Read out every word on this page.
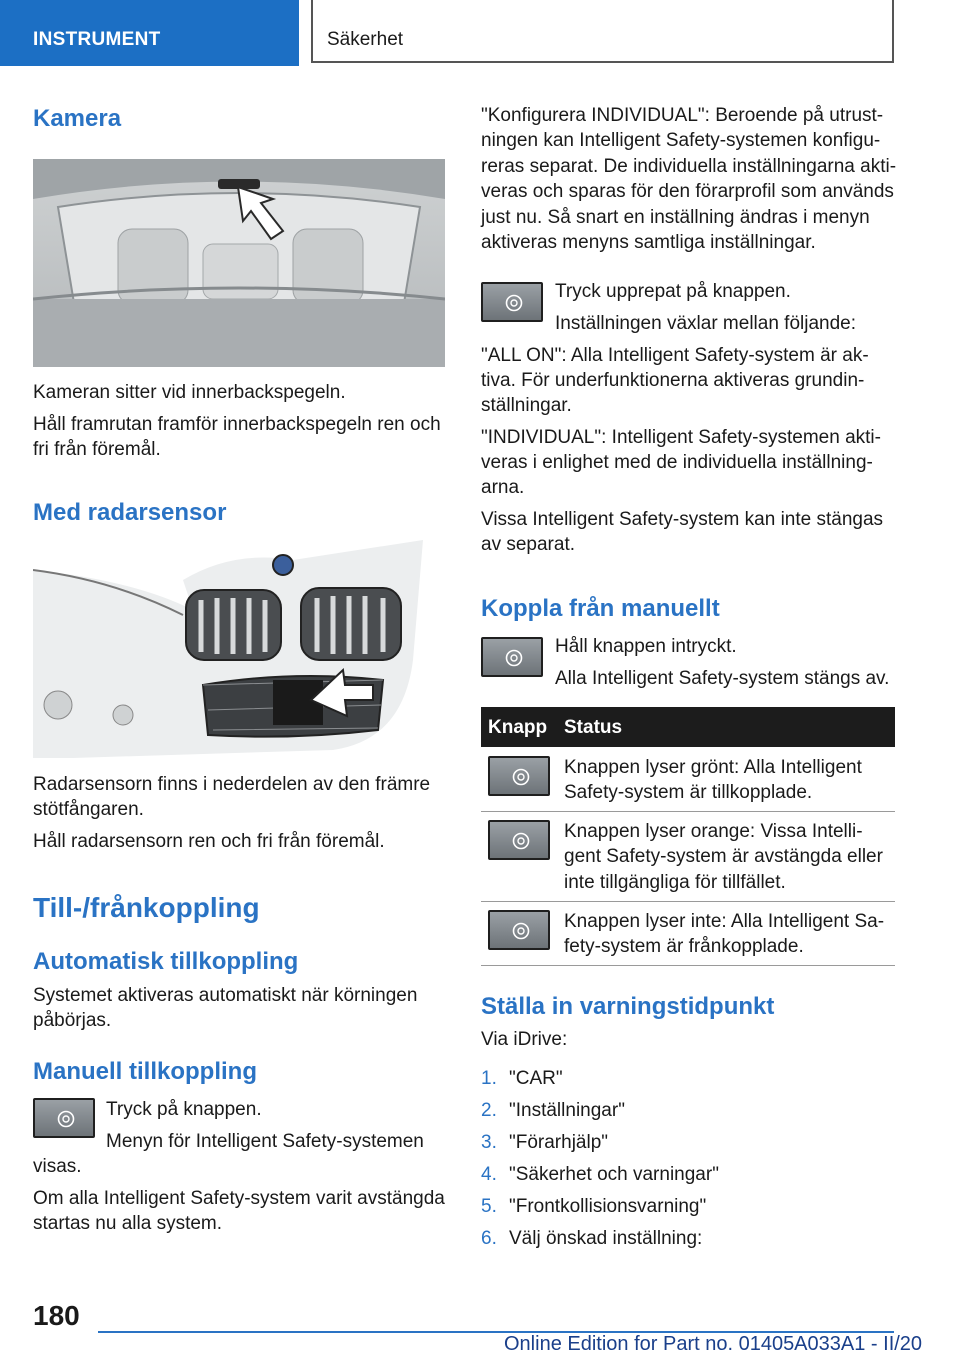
INSTRUMENT	Säkerhet
Kamera

Kameran sitter vid innerbackspegeln.

Håll framrutan framför innerbackspegeln ren och

fri från föremål.

Med radarsensor

Radarsensorn finns i nederdelen av den främre

stötfångaren.

Håll radarsensorn ren och fri från föremål.

Till-/frånkoppling
Automatisk tillkoppling

Systemet aktiveras automatiskt när körningen

påbörjas.

Manuell tillkoppling

Tryck på knappen.

Menyn för Intelligent Safety-systemen

visas.

Om alla Intelligent Safety-system varit avstängda

startas nu alla system.

"Konfigurera INDIVIDUAL": Beroende på utrust-

ningen kan Intelligent Safety-systemen konfigu-

reras separat. De individuella inställningarna akti-

veras och sparas för den förarprofil som används

just nu. Så snart en inställning ändras i menyn

aktiveras menyns samtliga inställningar.

Tryck upprepat på knappen.

Inställningen växlar mellan följande:

"ALL ON": Alla Intelligent Safety-system är ak-

tiva. För underfunktionerna aktiveras grundin-

ställningar.

"INDIVIDUAL": Intelligent Safety-systemen akti-

veras i enlighet med de individuella inställning-

arna.

Vissa Intelligent Safety-system kan inte stängas

av separat.

Koppla från manuellt

Håll knappen intryckt.

Alla Intelligent Safety-system stängs av.

Knapp Status

Knappen lyser grönt: Alla Intelligent

Safety-system är tillkopplade.

Knappen lyser orange: Vissa Intelli-

gent Safety-system är avstängda eller

inte tillgängliga för tillfället.

Knappen lyser inte: Alla Intelligent Sa-

fety-system är frånkopplade.

Ställa in varningstidpunkt

Via iDrive:

1. "CAR"
2. "Inställningar"
3. "Förarhjälp"
4. "Säkerhet och varningar"
5. "Frontkollisionsvarning"
6. Välj önskad inställning:
180
Online Edition for Part no. 01405A033A1 - II/20
